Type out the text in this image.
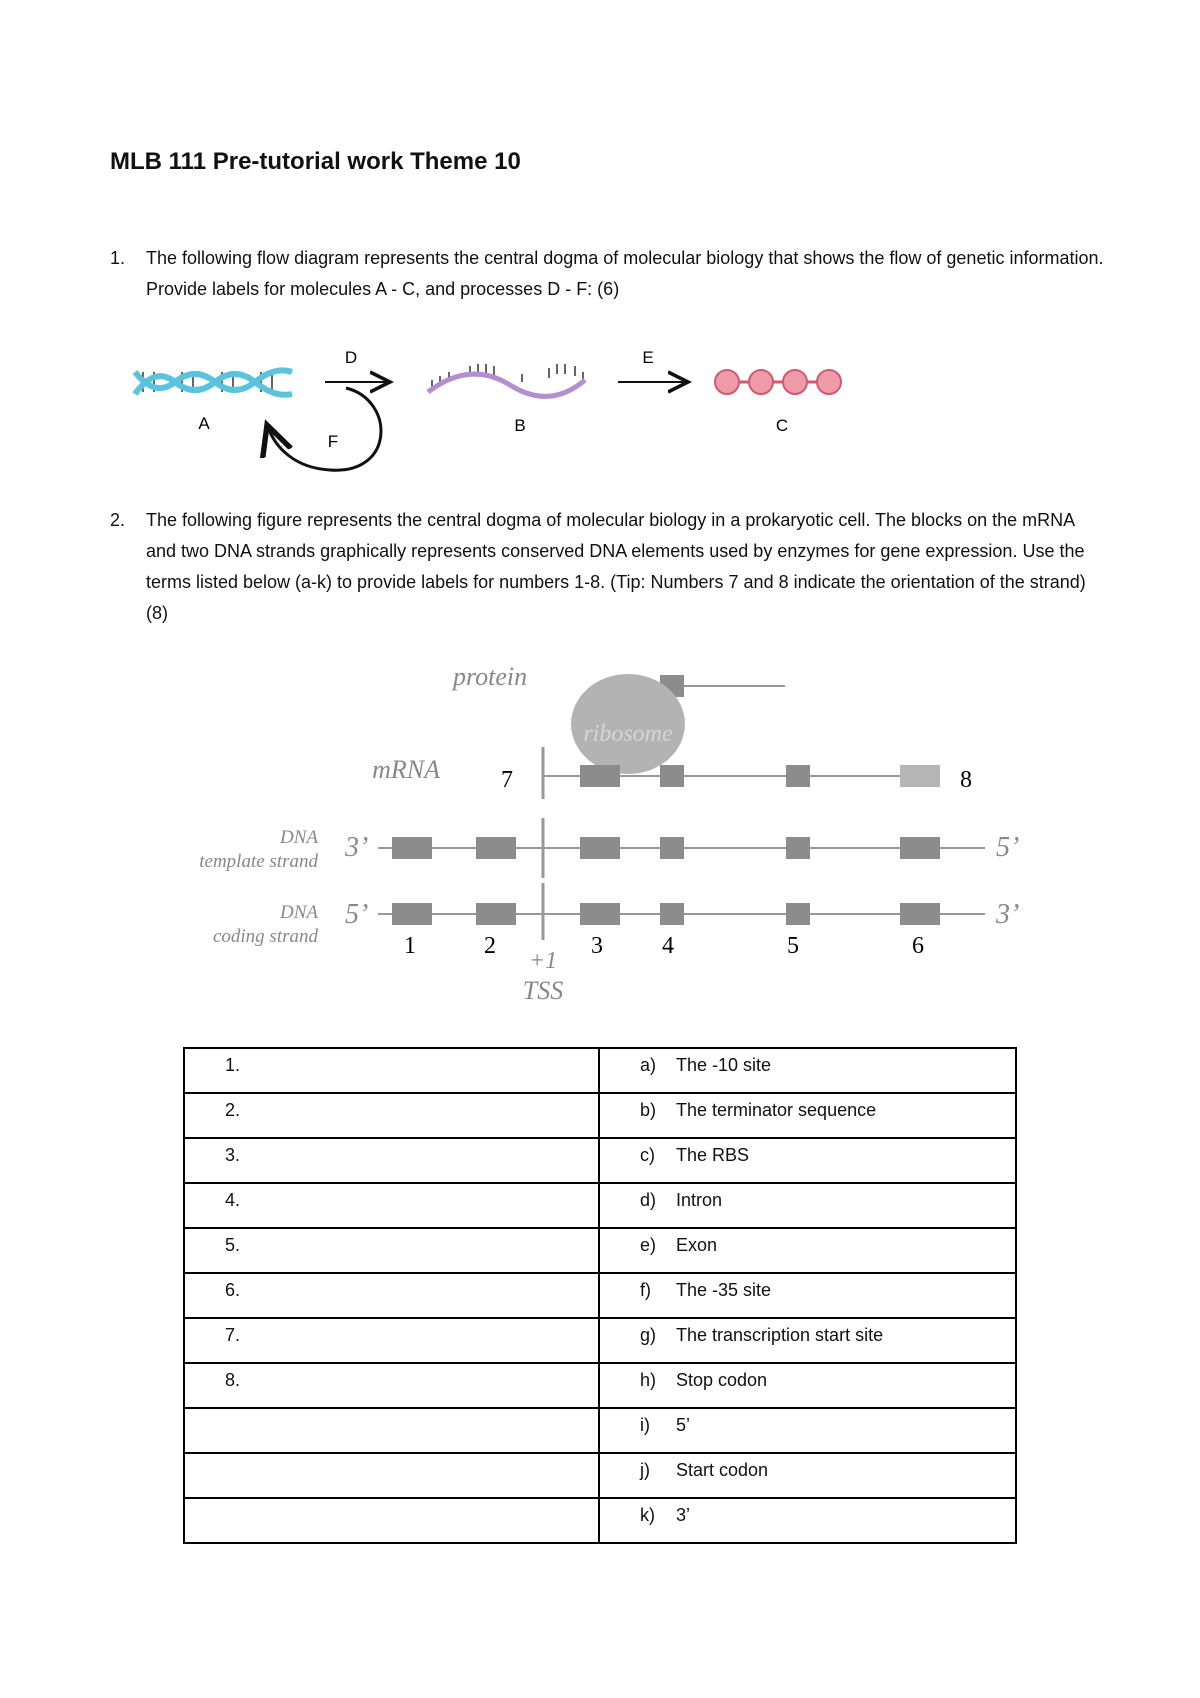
MLB 111 Pre-tutorial work Theme 10
1. The following flow diagram represents the central dogma of molecular biology that shows the flow of genetic information. Provide labels for molecules A - C, and processes D - F: (6)
A
D
F
B
E
C
2. The following figure represents the central dogma of molecular biology in a prokaryotic cell. The blocks on the mRNA and two DNA strands graphically represents conserved DNA elements used by enzymes for gene expression. Use the terms listed below (a-k) to provide labels for numbers 1-8. (Tip: Numbers 7 and 8 indicate the orientation of the strand) (8)
protein
ribosome
mRNA	7	8
DNA
template strand 3’	5’
DNA
coding strand
5’	3’
1	2	3 4	5	6
+1
TSS
1.	a) The -10 site
2.	b) The terminator sequence
3.	c) The RBS
4.	d) Intron
5.	e) Exon
6.	f) The -35 site
7.	g) The transcription start site
8.	h) Stop codon
	i) 5’
	j) Start codon
	k) 3’
